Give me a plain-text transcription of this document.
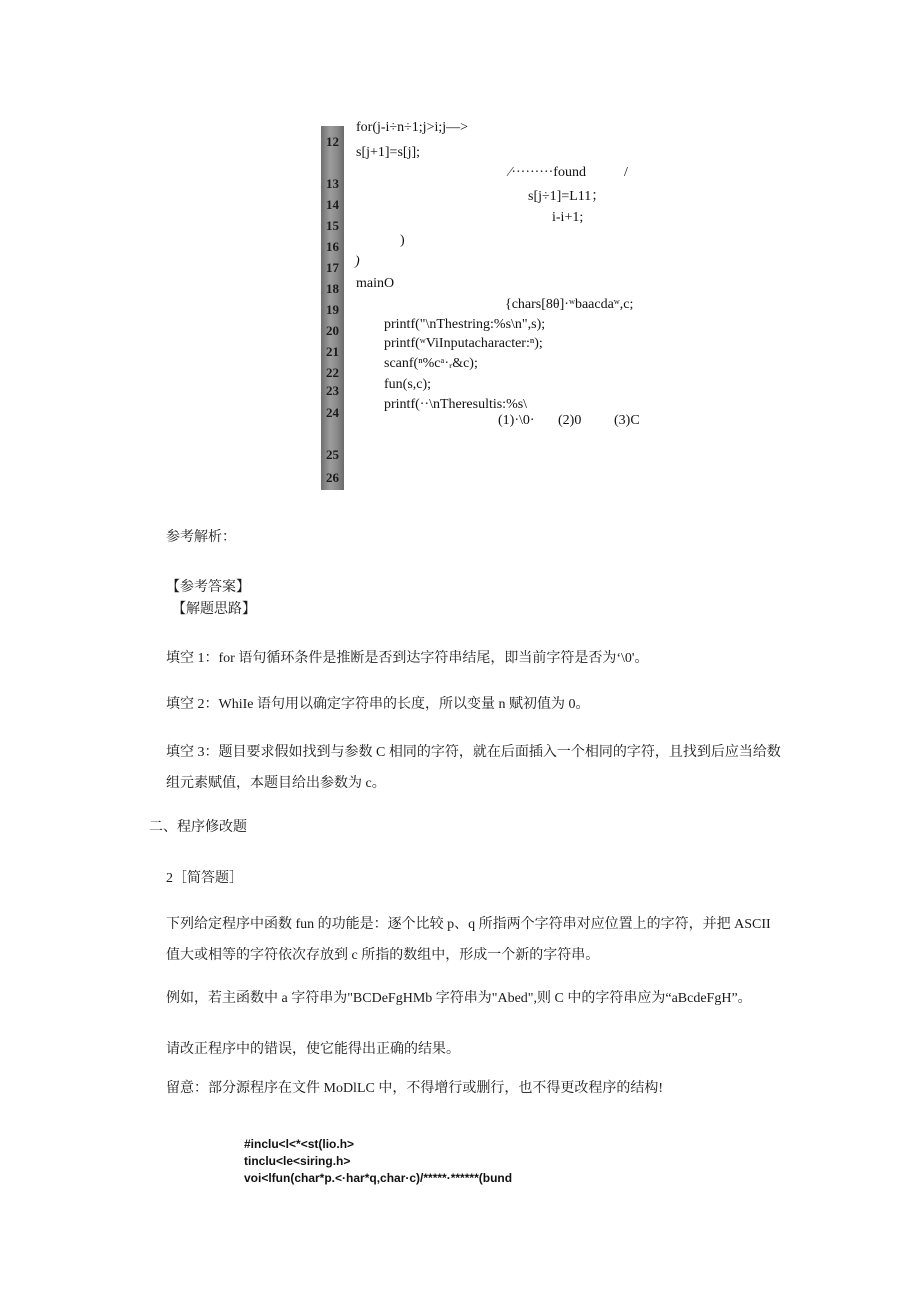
12
13
14
15
16
17
18
19
20
21
22
23
24
25
26
for(j-i÷n÷1;j>i;j—>
s[j+1]=s[j];
⁄·········found	/
s[j÷1]=L11；
i-i+1;
)
)
mainO
{chars[8θ]·ʷbaacdaʷ,c;
printf("\nThestring:%s\n",s);
printf(ʷViInputacharacter:ⁿ);
scanf(ⁿ%cᵃ·ᵣ&c);
fun(s,c);
printf(··\nTheresultis:%s\
(1)·\0· (2)0 (3)C
参考解析：
【参考答案】
【解题思路】
填空 1：for 语句循环条件是推断是否到达字符串结尾，即当前字符是否为‘\0'。
填空 2：WhiIe 语句用以确定字符串的长度，所以变量 n 赋初值为 0。
填空 3：题目要求假如找到与参数 C 相同的字符，就在后面插入一个相同的字符，且找到后应当给数组元素赋值，本题目给出参数为 c。
二、程序修改题
2［简答题］
下列给定程序中函数 fun 的功能是：逐个比较 p、q 所指两个字符串对应位置上的字符，并把 ASCII 值大或相等的字符依次存放到 c 所指的数组中，形成一个新的字符串。
例如，若主函数中 a 字符串为"BCDeFgHMb 字符串为"Abed",则 C 中的字符串应为“aBcdeFgH”。
请改正程序中的错误，使它能得出正确的结果。
留意：部分源程序在文件 MoDlLC 中，不得增行或删行，也不得更改程序的结构!
#inclu<l<*<st(lio.h>
tinclu<le<siring.h>
voi<lfun(char*p.<·har*q,char·c)/*****·******(bund
